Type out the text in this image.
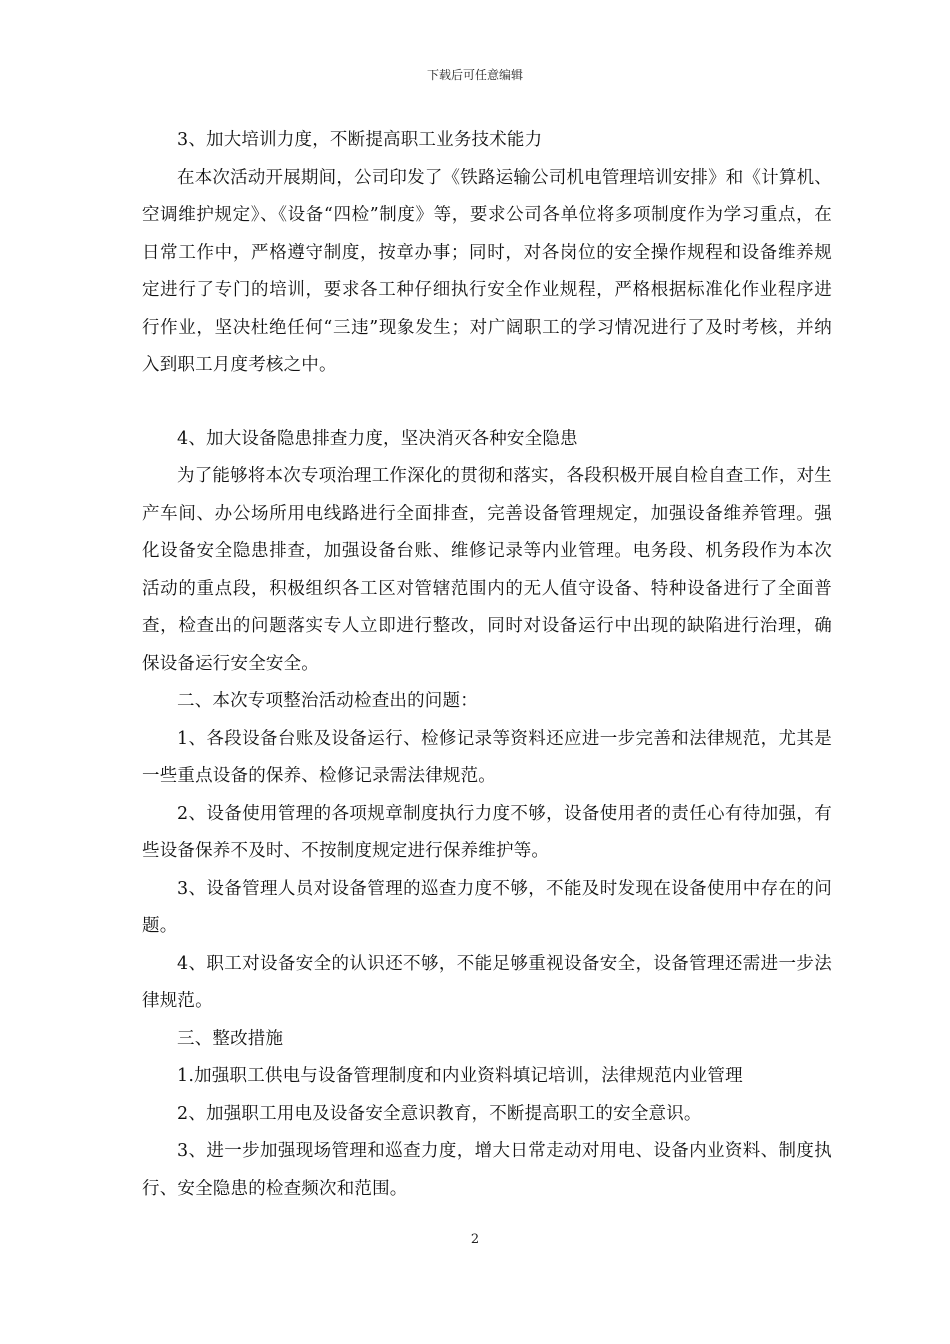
下载后可任意编辑

3、加大培训力度，不断提高职工业务技术能力

在本次活动开展期间，公司印发了《铁路运输公司机电管理培训安排》和《计算机、空调维护规定》、《设备“四检”制度》等，要求公司各单位将多项制度作为学习重点，在日常工作中，严格遵守制度，按章办事；同时，对各岗位的安全操作规程和设备维养规定进行了专门的培训，要求各工种仔细执行安全作业规程，严格根据标准化作业程序进行作业，坚决杜绝任何“三违”现象发生；对广阔职工的学习情况进行了及时考核，并纳入到职工月度考核之中。

4、加大设备隐患排查力度，坚决消灭各种安全隐患

为了能够将本次专项治理工作深化的贯彻和落实，各段积极开展自检自查工作，对生产车间、办公场所用电线路进行全面排查，完善设备管理规定，加强设备维养管理。强化设备安全隐患排查，加强设备台账、维修记录等内业管理。电务段、机务段作为本次活动的重点段，积极组织各工区对管辖范围内的无人值守设备、特种设备进行了全面普查，检查出的问题落实专人立即进行整改，同时对设备运行中出现的缺陷进行治理，确保设备运行安全安全。

二、本次专项整治活动检查出的问题：

1、各段设备台账及设备运行、检修记录等资料还应进一步完善和法律规范，尤其是一些重点设备的保养、检修记录需法律规范。

2、设备使用管理的各项规章制度执行力度不够，设备使用者的责任心有待加强，有些设备保养不及时、不按制度规定进行保养维护等。

3、设备管理人员对设备管理的巡查力度不够，不能及时发现在设备使用中存在的问题。

4、职工对设备安全的认识还不够，不能足够重视设备安全，设备管理还需进一步法律规范。

三、整改措施

1.加强职工供电与设备管理制度和内业资料填记培训，法律规范内业管理

2、加强职工用电及设备安全意识教育，不断提高职工的安全意识。

3、进一步加强现场管理和巡查力度，增大日常走动对用电、设备内业资料、制度执行、安全隐患的检查频次和范围。

2
